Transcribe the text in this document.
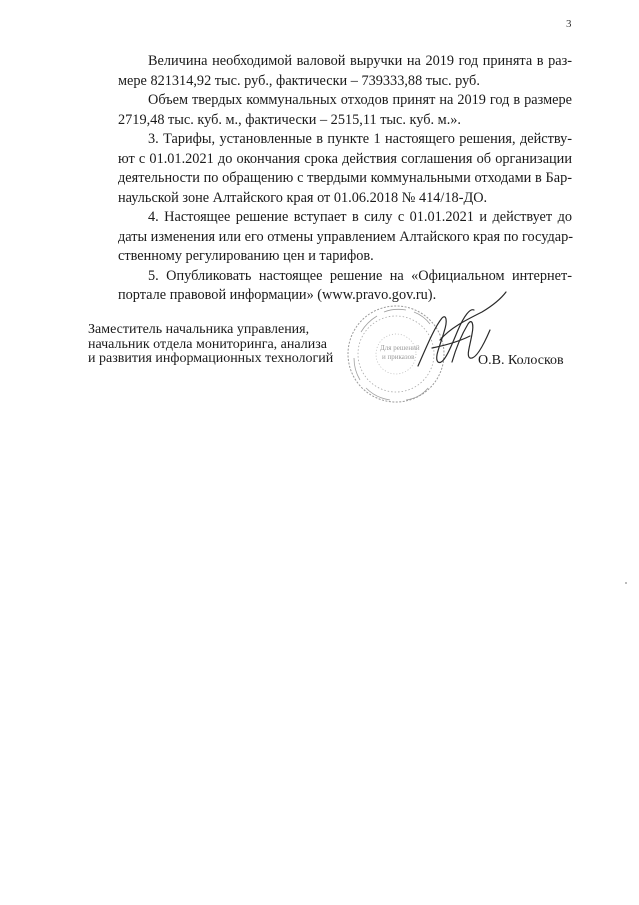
3

Величина необходимой валовой выручки на 2019 год принята в раз-
мере 821314,92 тыс. руб., фактически – 739333,88 тыс. руб.

Объем твердых коммунальных отходов принят на 2019 год в размере
2719,48 тыс. куб. м., фактически – 2515,11 тыс. куб. м.».

3. Тарифы, установленные в пункте 1 настоящего решения, действу-
ют с 01.01.2021 до окончания срока действия соглашения об организации
деятельности по обращению с твердыми коммунальными отходами в Бар-
наульской зоне Алтайского края от 01.06.2018 № 414/18-ДО.

4. Настоящее решение вступает в силу с 01.01.2021 и действует до
даты изменения или его отмены управлением Алтайского края по государ-
ственному регулированию цен и тарифов.

5. Опубликовать настоящее решение на «Официальном интернет-
портале правовой информации» (www.pravo.gov.ru).

Для решений
и приказов
Заместитель начальника управления,
начальник отдела мониторинга, анализа
и развития информационных технологий	О.В. Колосков
